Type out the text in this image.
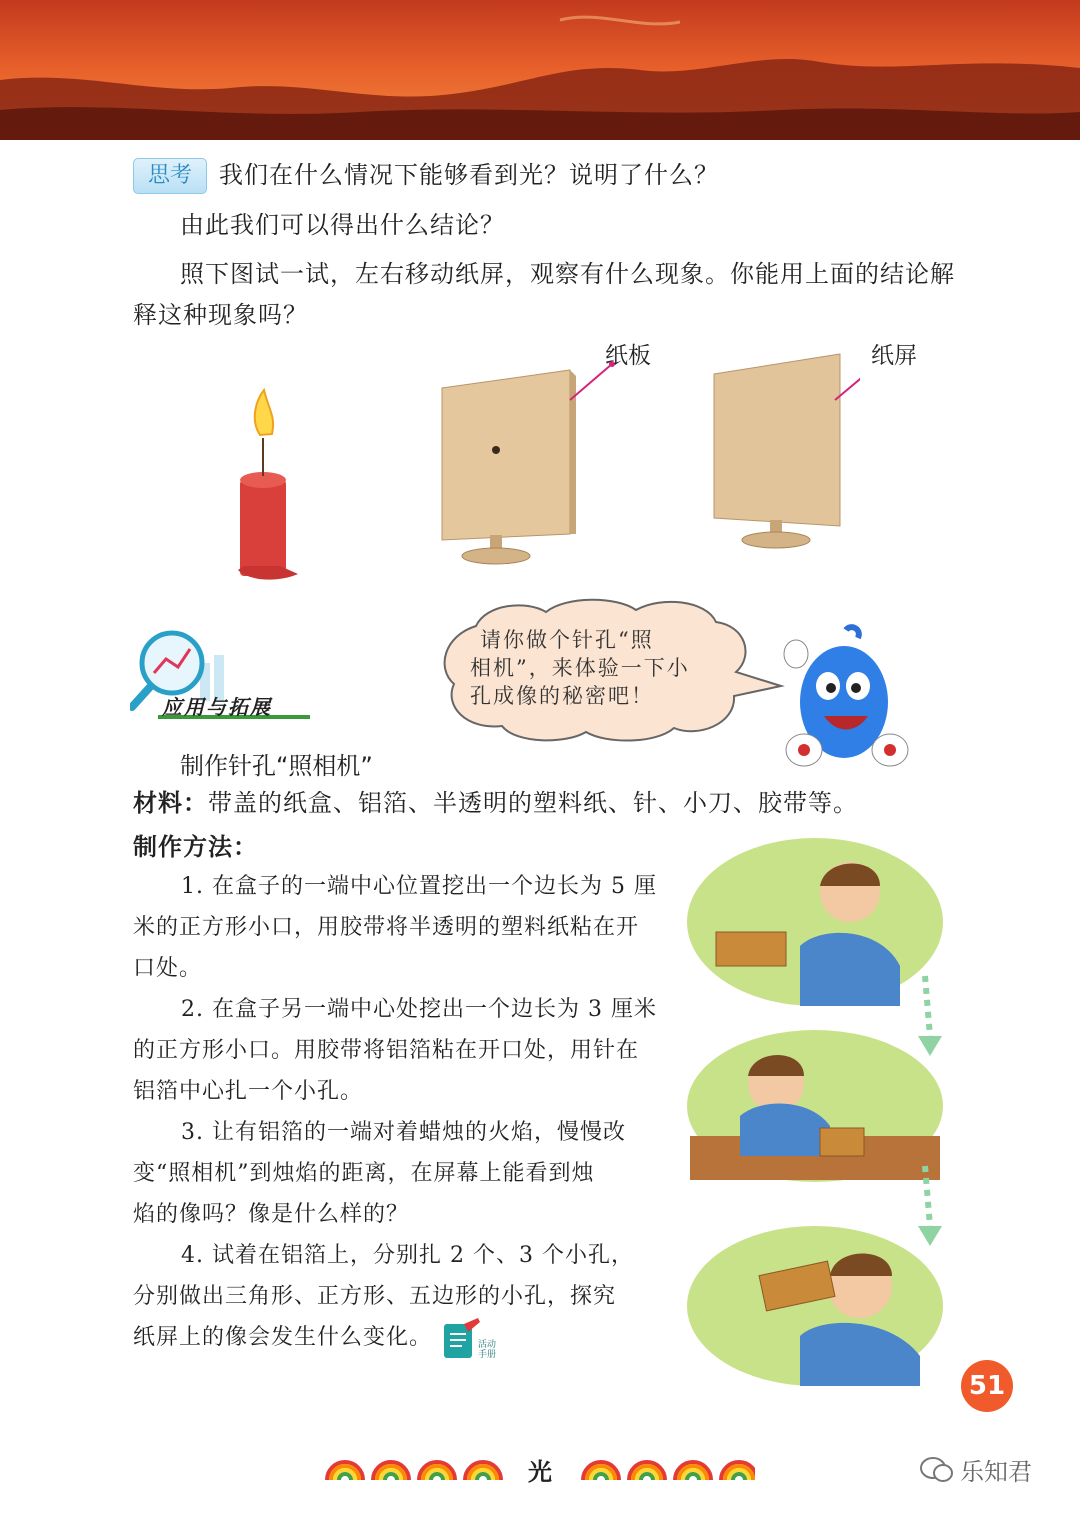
思考	我们在什么情况下能够看到光？说明了什么？
由此我们可以得出什么结论？
照下图试一试，左右移动纸屏，观察有什么现象。你能用上面的结论解
释这种现象吗？
纸板	纸屏
请你做个针孔“照
相机”，来体验一下小
孔成像的秘密吧！
应用与拓展
制作针孔“照相机”
材料：带盖的纸盒、铝箔、半透明的塑料纸、针、小刀、胶带等。
制作方法：
1. 在盒子的一端中心位置挖出一个边长为 5 厘
米的正方形小口，用胶带将半透明的塑料纸粘在开
口处。
2. 在盒子另一端中心处挖出一个边长为 3 厘米
的正方形小口。用胶带将铝箔粘在开口处，用针在
铝箔中心扎一个小孔。
3. 让有铝箔的一端对着蜡烛的火焰，慢慢改
变“照相机”到烛焰的距离，在屏幕上能看到烛
焰的像吗？像是什么样的？
4. 试着在铝箔上，分别扎 2 个、3 个小孔，
分别做出三角形、正方形、五边形的小孔，探究
纸屏上的像会发生什么变化。	活动
手册
51
光	乐知君
